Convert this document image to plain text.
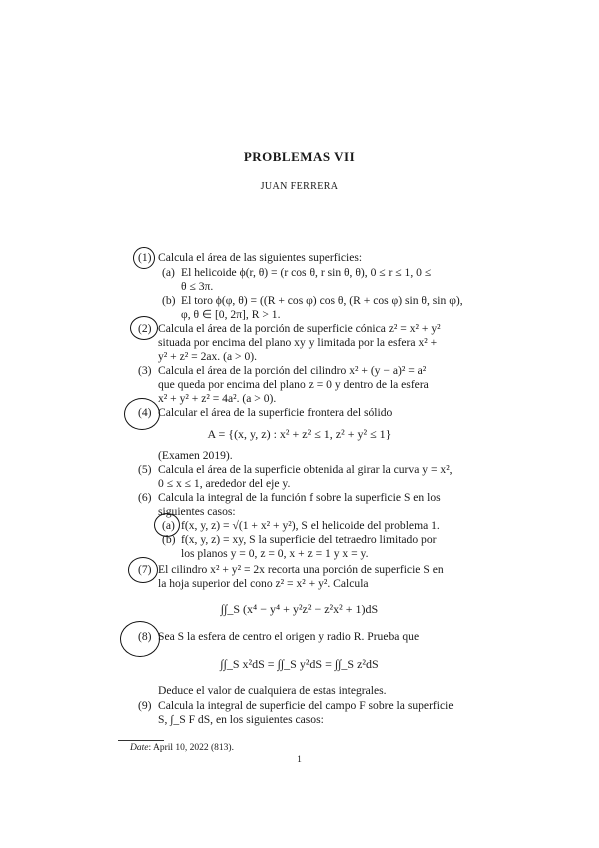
PROBLEMAS VII
JUAN FERRERA
(1) Calcula el área de las siguientes superficies:
(a) El helicoide ϕ(r, θ) = (r cos θ, r sin θ, θ), 0 ≤ r ≤ 1, 0 ≤
θ ≤ 3π.
(b) El toro ϕ(φ, θ) = ((R + cos φ) cos θ, (R + cos φ) sin θ, sin φ),
φ, θ ∈ [0, 2π], R > 1.
(2) Calcula el área de la porción de superficie cónica z² = x² + y²
situada por encima del plano xy y limitada por la esfera x² +
y² + z² = 2ax. (a > 0).
(3) Calcula el área de la porción del cilindro x² + (y − a)² = a²
que queda por encima del plano z = 0 y dentro de la esfera
x² + y² + z² = 4a². (a > 0).
(4) Calcular el área de la superficie frontera del sólido
A = {(x, y, z) : x² + z² ≤ 1, z² + y² ≤ 1}
(Examen 2019).
(5) Calcula el área de la superficie obtenida al girar la curva y = x²,
0 ≤ x ≤ 1, arededor del eje y.
(6) Calcula la integral de la función f sobre la superficie S en los
siguientes casos:
(a) f(x, y, z) = √(1 + x² + y²), S el helicoide del problema 1.
(b) f(x, y, z) = xy, S la superficie del tetraedro limitado por
los planos y = 0, z = 0, x + z = 1 y x = y.
(7) El cilindro x² + y² = 2x recorta una porción de superficie S en
la hoja superior del cono z² = x² + y². Calcula
∫∫_S (x⁴ − y⁴ + y²z² − z²x² + 1)dS
(8) Sea S la esfera de centro el origen y radio R. Prueba que
∫∫_S x²dS = ∫∫_S y²dS = ∫∫_S z²dS
Deduce el valor de cualquiera de estas integrales.
(9) Calcula la integral de superficie del campo F sobre la superficie
S, ∫_S F dS, en los siguientes casos:
Date: April 10, 2022 (813).
1
